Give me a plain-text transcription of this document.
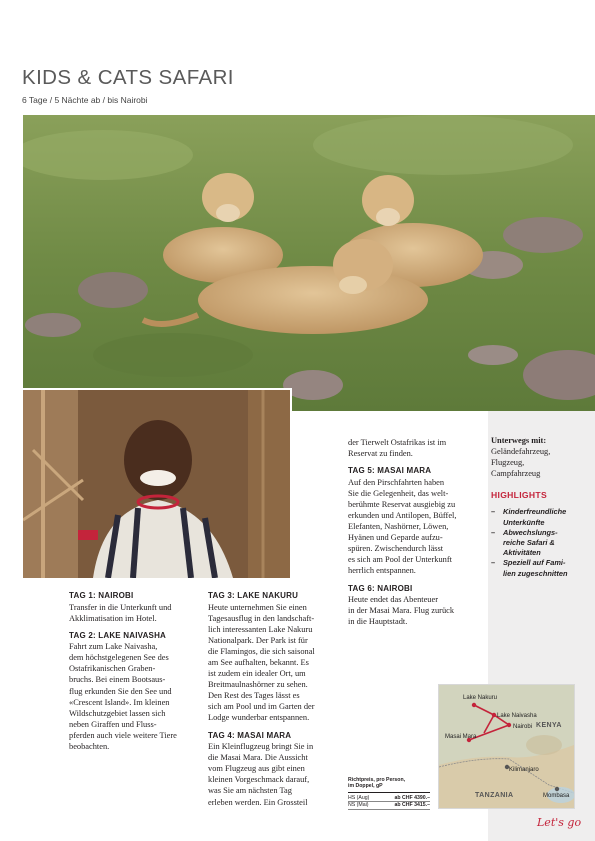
KIDS & CATS SAFARI
6 Tage / 5 Nächte ab / bis Nairobi
TAG 1: NAIROBI

Transfer in die Unterkunft und
Akklimatisation im Hotel.

TAG 2: LAKE NAIVASHA

Fahrt zum Lake Naivasha,
dem höchstgelegenen See des
Ostafrikanischen Graben-
bruchs. Bei einem Bootsaus-
flug erkunden Sie den See und
«Crescent Island». Im kleinen
Wildschutzgebiet lassen sich
neben Giraffen und Fluss-
pferden auch viele weitere Tiere
beobachten.

TAG 3: LAKE NAKURU

Heute unternehmen Sie einen
Tagesausflug in den landschaft-
lich interessanten Lake Nakuru
Nationalpark. Der Park ist für
die Flamingos, die sich saisonal
am See aufhalten, bekannt. Es
ist zudem ein idealer Ort, um
Breitmaulnashörner zu sehen.
Den Rest des Tages lässt es
sich am Pool und im Garten der
Lodge wunderbar entspannen.

TAG 4: MASAI MARA

Ein Kleinflugzeug bringt Sie in
die Masai Mara. Die Aussicht
vom Flugzeug aus gibt einen
kleinen Vorgeschmack darauf,
was Sie am nächsten Tag
erleben werden. Ein Grossteil

der Tierwelt Ostafrikas ist im
Reservat zu finden.

TAG 5: MASAI MARA

Auf den Pirschfahrten haben
Sie die Gelegenheit, das welt-
berühmte Reservat ausgiebig zu
erkunden und Antilopen, Büffel,
Elefanten, Nashörner, Löwen,
Hyänen und Geparde aufzu-
spüren. Zwischendurch lässt
es sich am Pool der Unterkunft
herrlich entspannen.

TAG 6: NAIROBI

Heute endet das Abenteuer
in der Masai Mara. Flug zurück
in die Hauptstadt.

Unterwegs mit:
Geländefahrzeug,
Flugzeug,
Campfahrzeug
HIGHLIGHTS
– Kinderfreundliche
Unterkünfte
– Abwechslungs-
reiche Safari &
Aktivitäten
– Speziell auf Fami-
lien zugeschnitten
Richtpreis, pro Person,
im Doppel, gP
HS (Aug)	ab CHF 4390.–
NS (Mai)	ab CHF 3415.–
Lake Nakuru
Lake Naivasha
Nairobi
Masai Mara
Kilimanjaro
Mombasa
KENYA
TANZANIA
Let's go
